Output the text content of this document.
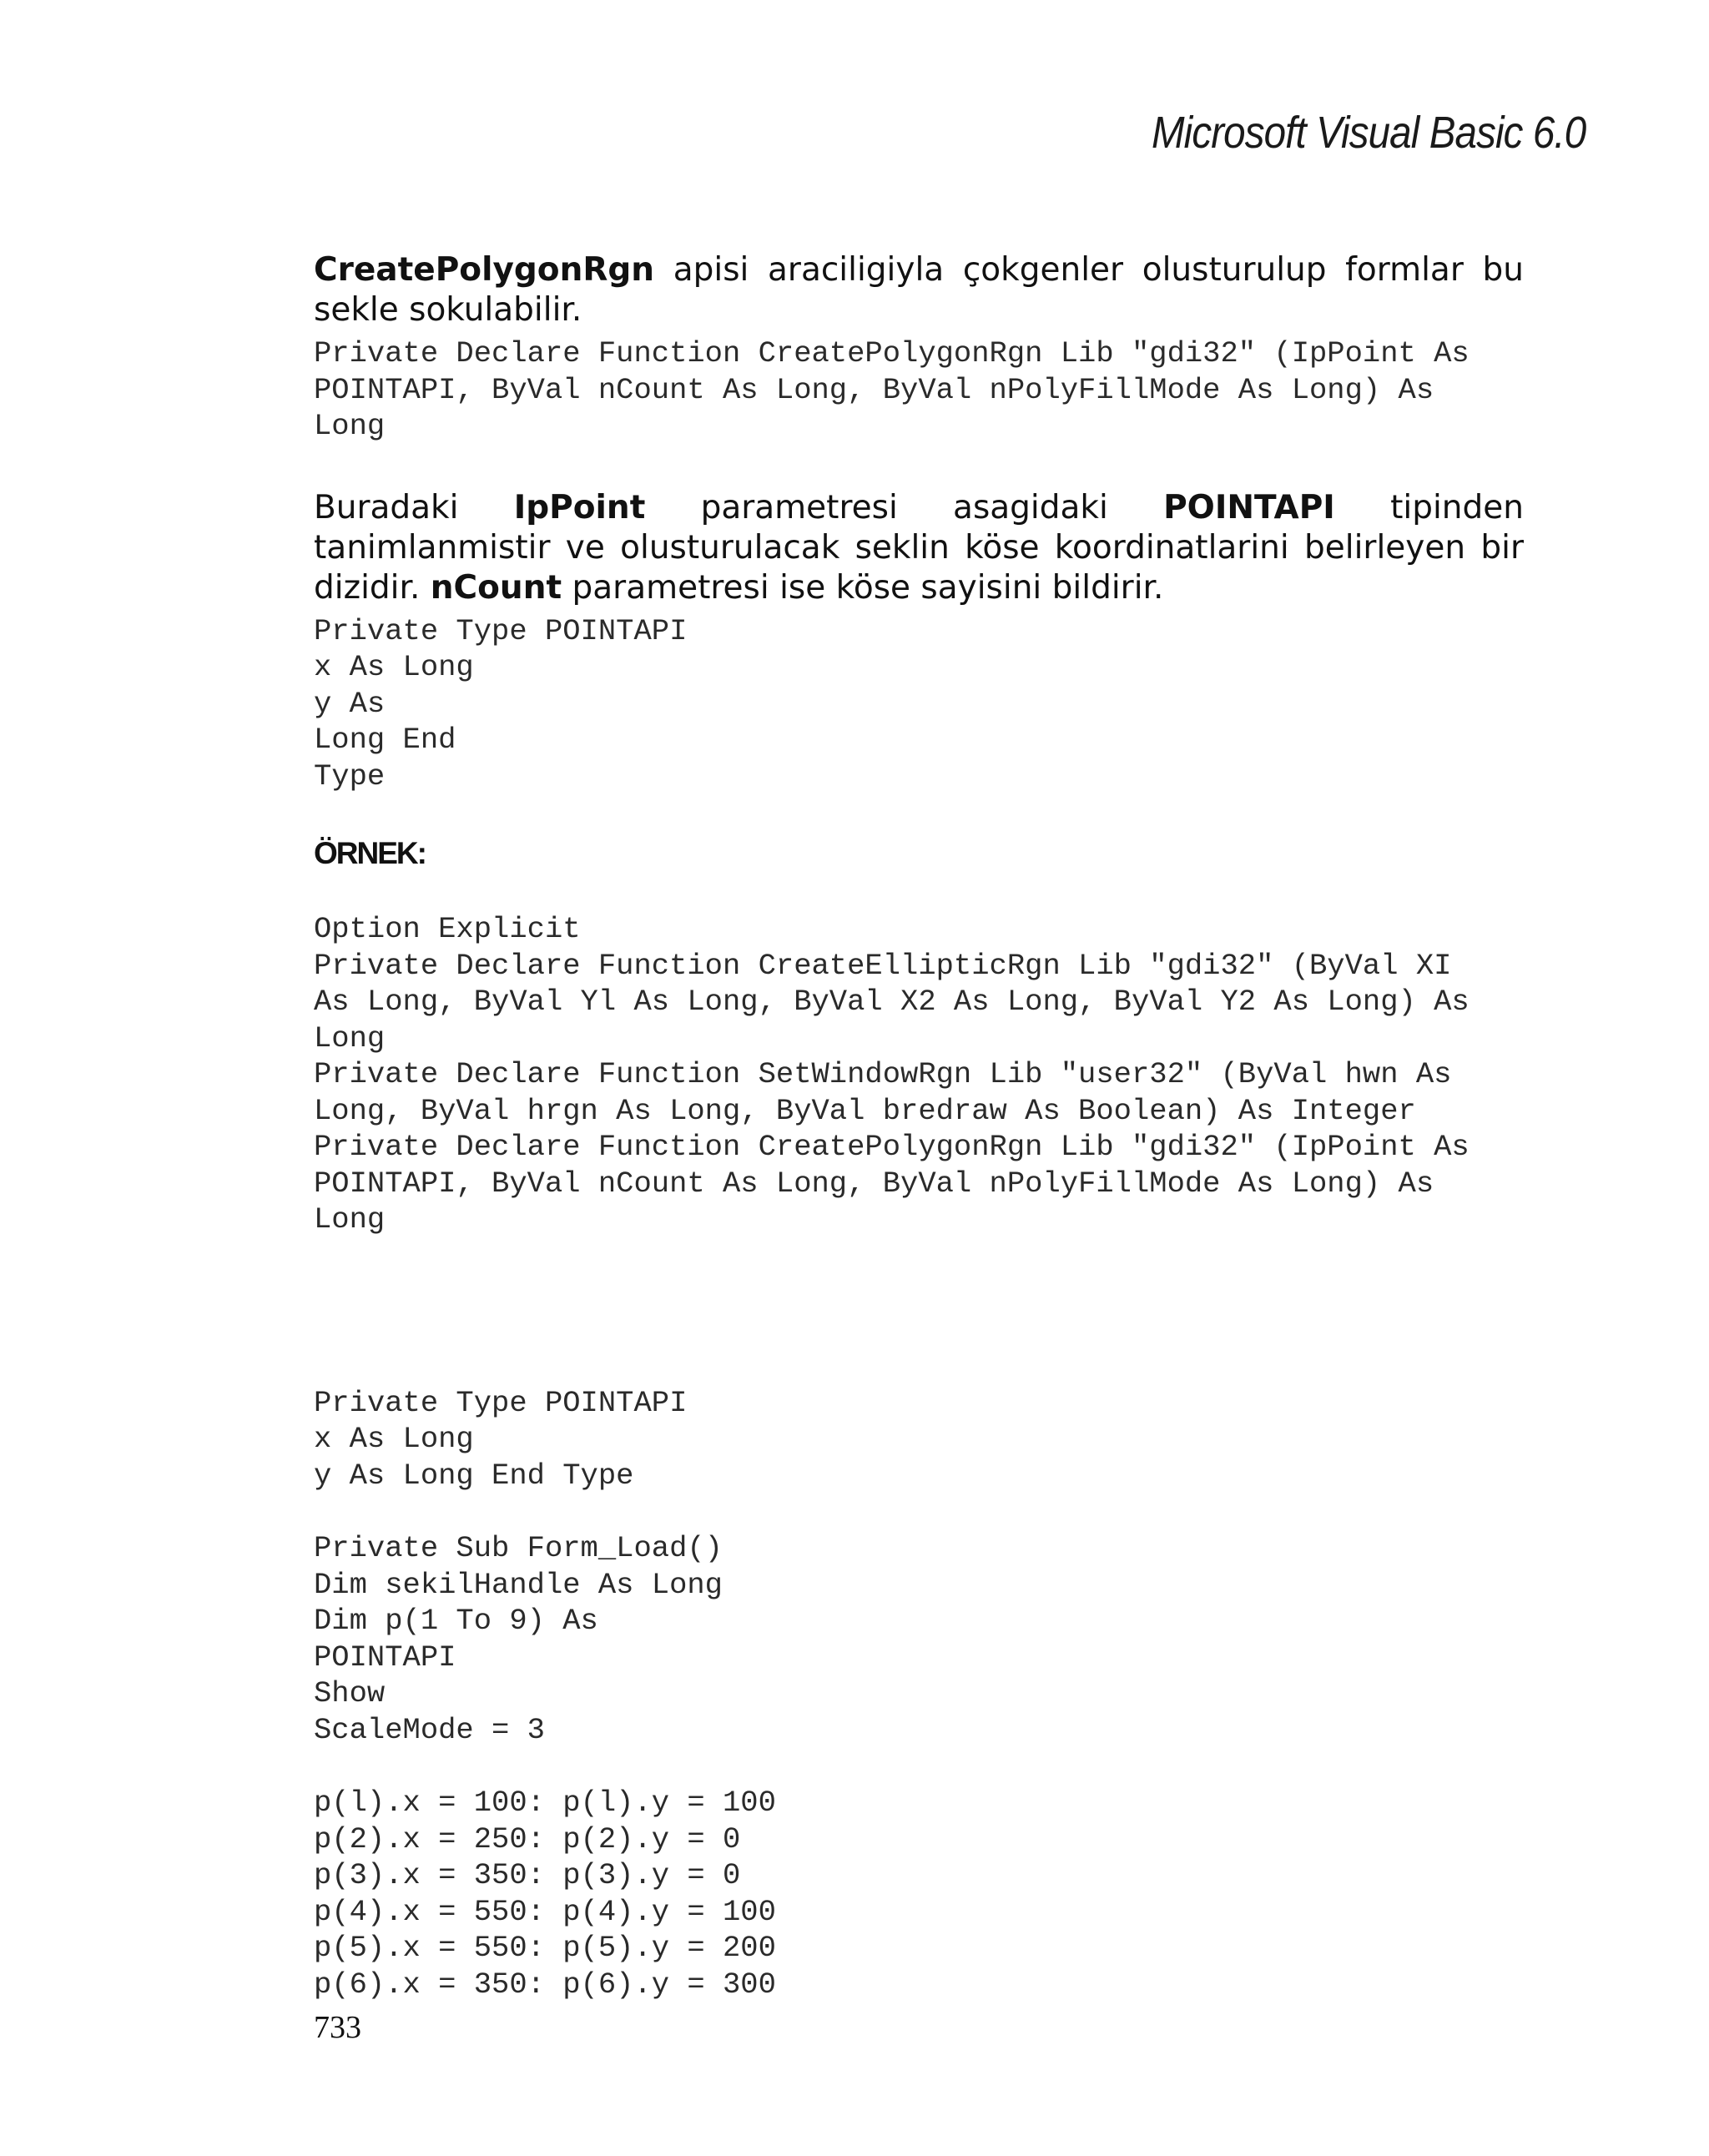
Microsoft Visual Basic 6.0

CreatePolygonRgn apisi araciligiyla çokgenler olusturulup formlar bu sekle sokulabilir.

Private Declare Function CreatePolygonRgn Lib "gdi32" (IpPoint As
POINTAPI, ByVal nCount As Long, ByVal nPolyFillMode As Long) As
Long

Buradaki IpPoint parametresi asagidaki POINTAPI tipinden tanimlanmistir ve olusturulacak seklin köse koordinatlarini belirleyen bir dizidir. nCount parametresi ise köse sayisini bildirir.

Private Type POINTAPI
x As Long
y As
Long End
Type

ÖRNEK:

Option Explicit
Private Declare Function CreateEllipticRgn Lib "gdi32" (ByVal XI
As Long, ByVal Yl As Long, ByVal X2 As Long, ByVal Y2 As Long) As
Long
Private Declare Function SetWindowRgn Lib "user32" (ByVal hwn As
Long, ByVal hrgn As Long, ByVal bredraw As Boolean) As Integer
Private Declare Function CreatePolygonRgn Lib "gdi32" (IpPoint As
POINTAPI, ByVal nCount As Long, ByVal nPolyFillMode As Long) As
Long
Private Type POINTAPI
x As Long
y As Long End Type
Private Sub Form_Load()
Dim sekilHandle As Long
Dim p(1 To 9) As
POINTAPI
Show
ScaleMode = 3
p(l).x = 100: p(l).y = 100
p(2).x = 250: p(2).y = 0
p(3).x = 350: p(3).y = 0
p(4).x = 550: p(4).y = 100
p(5).x = 550: p(5).y = 200
p(6).x = 350: p(6).y = 300
733
